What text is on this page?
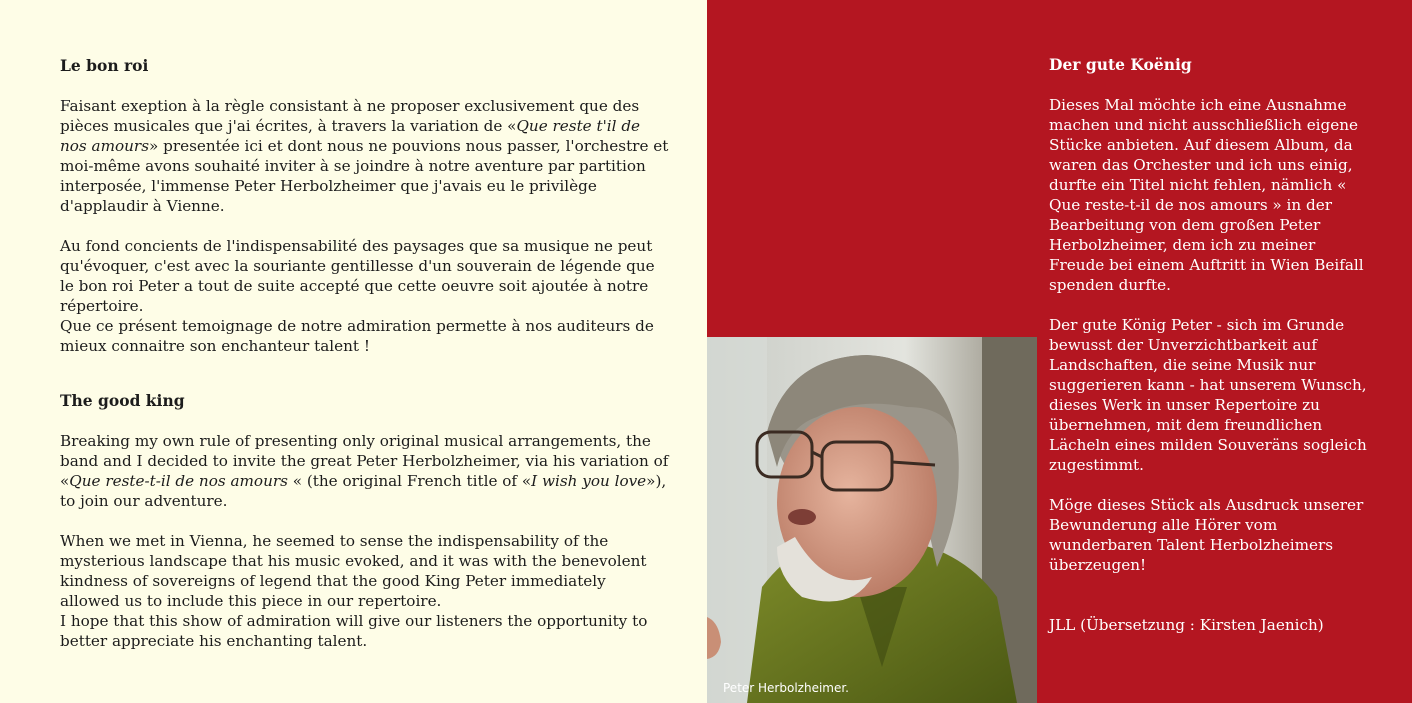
Le bon roi

Faisant exeption à la règle consistant à ne proposer exclusivement que des pièces musicales que j'ai écrites, à travers la variation de «Que reste t'il de nos amours» presentée ici et dont nous ne pouvions nous passer, l'orchestre et moi-même avons souhaité inviter à se joindre à notre aventure par partition interposée, l'immense Peter Herbolzheimer que j'avais eu le privilège d'applaudir à Vienne.

Au fond concients de l'indispensabilité des paysages que sa musique ne peut qu'évoquer, c'est avec la souriante gentillesse d'un souverain de légende que le bon roi Peter a tout de suite accepté que cette oeuvre soit ajoutée à notre répertoire.

Que ce présent temoignage de notre admiration permette à nos auditeurs de mieux connaitre son enchanteur talent !

The good king

Breaking my own rule of presenting only original musical arrangements, the band and I decided to invite the great Peter Herbolzheimer, via his variation of «Que reste-t-il de nos amours « (the original French title of «I wish you love»), to join our adventure.

When we met in Vienna, he seemed to sense the indispensability of the mysterious landscape that his music evoked, and it was with the benevolent kindness of sovereigns of legend that the good King Peter immediately allowed us to include this piece in our repertoire.

I hope that this show of admiration will give our listeners the opportunity to better appreciate his enchanting talent.

Peter Herbolzheimer.
Der gute Koënig

Dieses Mal möchte ich eine Ausnahme machen und nicht ausschließlich eigene Stücke anbieten. Auf diesem Album, da waren das Orchester und ich uns einig, durfte ein Titel nicht fehlen, nämlich « Que reste-t-il de nos amours » in der Bearbeitung von dem großen Peter Herbolzheimer, dem ich zu meiner Freude bei einem Auftritt in Wien Beifall spenden durfte.

Der gute König Peter - sich im Grunde bewusst der Unverzichtbarkeit auf Landschaften, die seine Musik nur suggerieren kann - hat unserem Wunsch, dieses Werk in unser Repertoire zu übernehmen, mit dem freundlichen Lächeln eines milden Souveräns sogleich zugestimmt.

Möge dieses Stück als Ausdruck unserer Bewunderung alle Hörer vom wunderbaren Talent Herbolzheimers überzeugen!

JLL (Übersetzung : Kirsten Jaenich)
